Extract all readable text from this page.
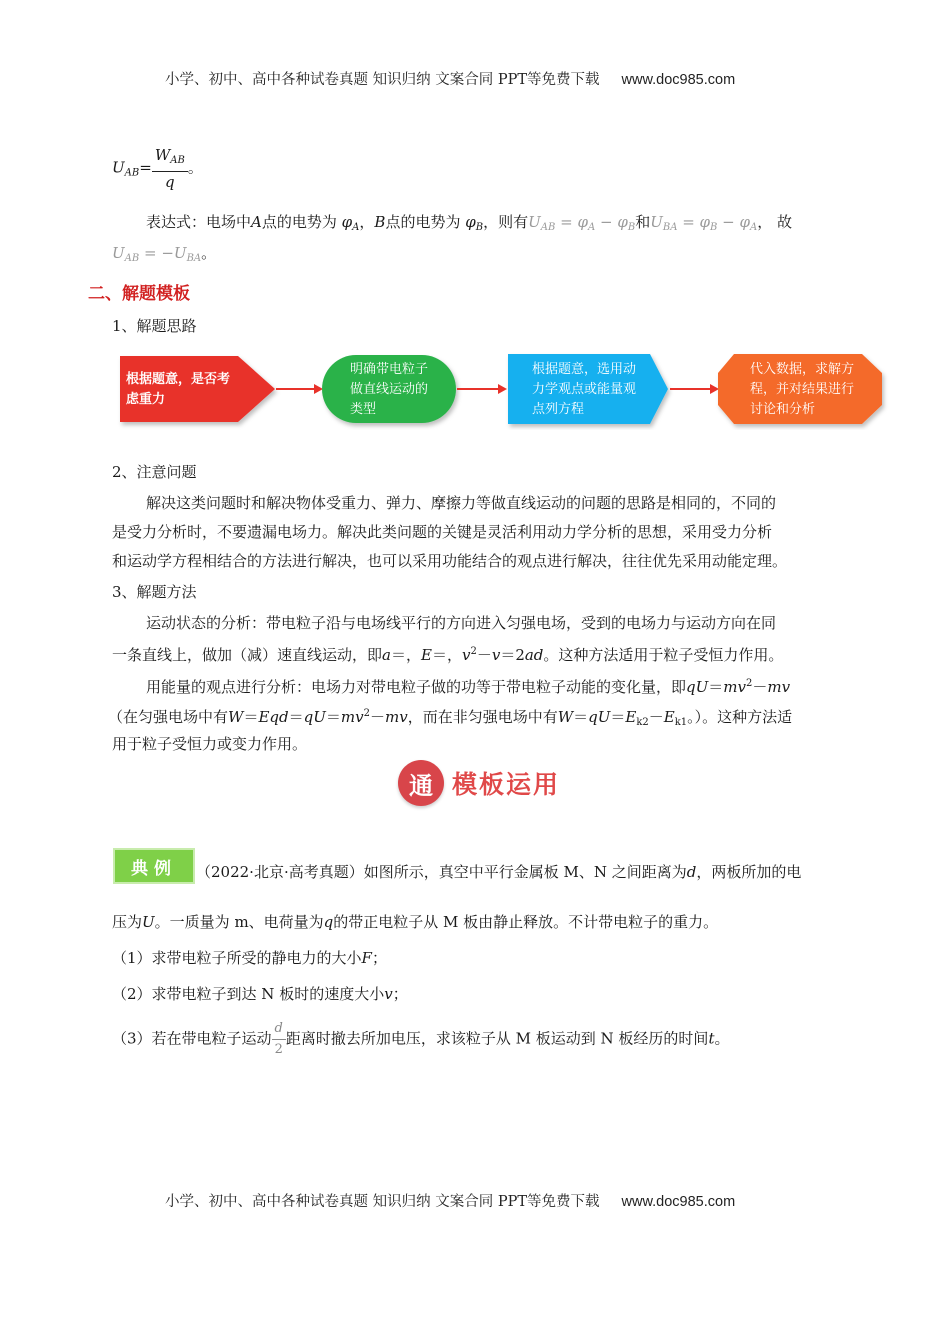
小学、初中、高中各种试卷真题 知识归纳 文案合同 PPT等免费下载 www.doc985.com
$U_{AB}= \frac{W_{AB}}{q}$ 。
表达式：电场中A点的电势为 $\varphi_A$，B点的电势为 $\varphi_B$，则有$U_{AB} = \varphi_A - \varphi_B$和$U_{BA} = \varphi_B - \varphi_A$， 故
$U_{AB} = -U_{BA}$。
二、解题模板
1、解题思路
根据题意，是否考虑重力
明确带电粒子做直线运动的类型
根据题意，选用动力学观点或能量观点列方程
代入数据，求解方程，并对结果进行讨论和分析
2、注意问题
解决这类问题时和解决物体受重力、弹力、摩擦力等做直线运动的问题的思路是相同的，不同的
是受力分析时，不要遗漏电场力。解决此类问题的关键是灵活利用动力学分析的思想，采用受力分析
和运动学方程相结合的方法进行解决，也可以采用功能结合的观点进行解决，往往优先采用动能定理。
3、解题方法
运动状态的分析：带电粒子沿与电场线平行的方向进入匀强电场，受到的电场力与运动方向在同
一条直线上，做加（减）速直线运动，即a＝，E＝，$v^2-v=2ad$。这种方法适用于粒子受恒力作用。
用能量的观点进行分析：电场力对带电粒子做的功等于带电粒子动能的变化量，即$qU=mv^2-mv$
（在匀强电场中有$W=Eqd=qU=mv^2-mv$，而在非匀强电场中有$W=qU=E_{k2}-E_{k1}$。）。这种方法适
用于粒子受恒力或变力作用。
通 模板运用
典例	（2022·北京·高考真题）如图所示，真空中平行金属板 M、N 之间距离为d，两板所加的电
压为U。一质量为 m、电荷量为q的带正电粒子从 M 板由静止释放。不计带电粒子的重力。
（1）求带电粒子所受的静电力的大小F；
（2）求带电粒子到达 N 板时的速度大小v；
（3）若在带电粒子运动 $\frac{d}{2}$ 距离时撤去所加电压，求该粒子从 M 板运动到 N 板经历的时间t。
小学、初中、高中各种试卷真题 知识归纳 文案合同 PPT等免费下载 www.doc985.com
